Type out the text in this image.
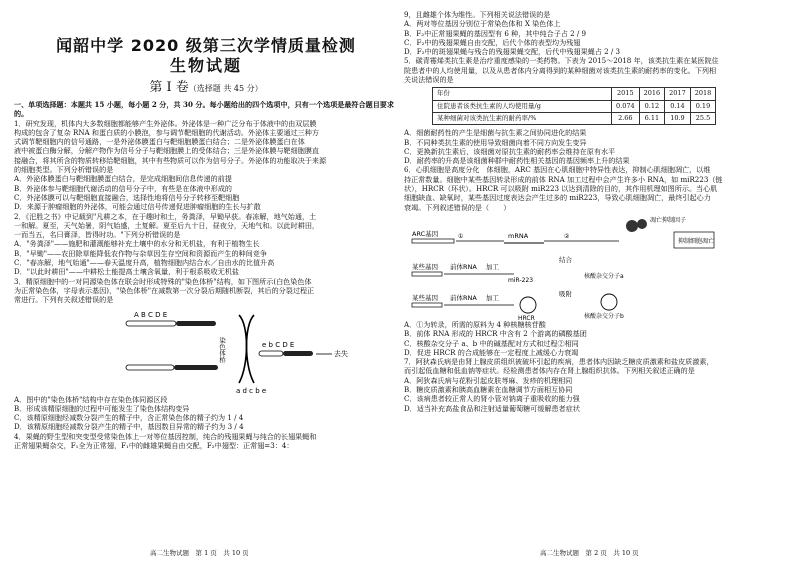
闻韶中学 2020 级第三次学情质量检测
生物试题
第 Ⅰ 卷（选择题 共 45 分）

一、单项选择题：本题共 15 小题，每小题 2 分，共 30 分。每小题给出的四个选项中，只有一个选项是最符合题目要求的。

1．研究发现，机体内大多数细胞都能够产生外泌体。外泌体是一种广泛分布于体液中的由双层膜

构成的包含了复杂 RNA 和蛋白质的小膜泡，参与调节靶细胞的代谢活动。外泌体主要通过三种方

式调节靶细胞内的信号通路，一是外泌体膜蛋白与靶细胞膜蛋白结合；二是外泌体膜蛋白在体

液中被蛋白酶分解，分解产物作为信号分子与靶细胞膜上的受体结合；三是外泌体膜与靶细胞膜直

接融合，将其所含的物质转移给靶细胞，其中有些物质可以作为信号分子。外泌体的功能取决于来源

的细胞类型。下列分析错误的是

A．外泌体膜蛋白与靶细胞膜蛋白结合，是完成细胞间信息传递的前提

B．外泌体参与靶细胞代谢活动的信号分子中，有些是在体液中形成的

C．外泌体膜可以与靶细胞直接融合，选择性地将信号分子转移至靶细胞

D．来源于肿瘤细胞的外泌体，可能会通过信号传递促进肿瘤细胞的生长与扩散

2．《汜胜之书》中记载到"凡耕之本，在于趣时和土，务粪泽，早锄早获。春冻解，地气始通，土

一和解。夏至，天气始暑，阴气始盛，土复解。夏至后九十日，昼夜分，天地气和。以此时耕田，

一而当五，名曰膏泽，皆得时功。"下列分析错误的是

A．"务粪泽"——施肥和灌溉能够补充土壤中的水分和无机盐，有利于植物生长

B．"早锄"——农田除草能降低农作物与杂草因生存空间和资源而产生的种间竞争

C．"春冻解，地气始通"——春天温度升高，植物细胞内结合水／自由水的比值升高

D．"以此时耕田"——中耕松土能提高土壤含氧量，利于根系吸收无机盐

3．精原细胞中的一对同源染色体在联会时形成特殊的"染色体桥"结构，如下图所示(白色染色体

为正常染色体，字母表示基因)，"染色体桥"在减数第一次分裂后期随机断裂，其后的分裂过程正

常进行。下列有关叙述错误的是

A B C D E
染色体桥	e b C D E
a d c b e
去失

A．图中的"染色体桥"结构中存在染色体同源区段

B．形成该精原细胞的过程中可能发生了染色体结构变异

C．该精原细胞经减数分裂产生的精子中，含正常染色体的精子约为 1 / 4

D．该精原细胞经减数分裂产生的精子中，基因数目异常的精子约为 3 / 4

4．果蝇的野生型和突变型受常染色体上一对等位基因控制，纯合的残翅果蝇与纯合的长翅果蝇和

正常翅果蝇杂交，F₁全为正常翅，F₁中的雌雄果蝇自由交配，F₂中翅型：正常翅=3：4：

高二生物试题　第 1 页　共 10 页

9，且雌雄个体为维性。下列相关说法错误的是

A．两对等位基因分别位于常染色体和 X 染色体上

B．F₂中正常翅果蝇的基因型有 6 种，其中纯合子占 2 / 9

C．F₂中的残翅果蝇自由交配，后代个体的表型均为残翅

D．F₂中的斑翅果蝇与残合的残翅果蝇交配，后代中残翅果蝇占 2 / 3

5．碳青霉烯类抗生素是治疗重度感染的一类药物。下表为 2015～2018 年，该类抗生素在某医院住

院患者中的人均使用量，以及从患者体内分离得到的某种细菌对该类抗生素的耐药率的变化。下列相

关说法错误的是

年份	2015	2016	2017	2018
住院患者该类抗生素的人均使用量/g	0.074	0.12	0.14	0.19
某种细菌对该类抗生素的耐药率/%	2.66	6.11	10.9	25.5

A．细菌耐药性的产生是细菌与抗生素之间协同进化的结果

B．不同种类抗生素的使用导致细菌向着不同方向发生变异

C．更换新抗生素后，该细菌对原抗生素的耐药率会维持在原有水平

D．耐药率的升高是该细菌种群中耐药性相关基因的基因频率上升的结果

6．心肌细胞是高度分化　体细胞，ARC 基因在心肌细胞中特异性表达，抑制心肌细胞凋亡，以维

持正常数量。细胞中某些基因转录形成的前体 RNA 加工过程中会产生许多小 RNA，如 miR223（链

状），HRCR（环状）。HRCR 可以吸附 miR223 以达到清除的目的，其作用机理如图所示。当心肌

细胞缺血、缺氧时，某些基因过度表达会产生过多的 miR223，导致心肌细胞凋亡，最终引起心力

衰竭。下列叙述错误的是（　　）

ARC基因	①	mRNA	②
凋亡抑制因子
抑制细胞凋亡
某些基因 前体RNA 加工
miR-223
结合
核酸杂交分子a
某些基因 前体RNA 加工
HRCR
吸附
核酸杂交分子b

A．①为转录，所需的原料为 4 种核糖核苷酸

B．前体 RNA 形成的 HRCR 中含有 2 个游离的磷酸基团

C．核酸杂交分子 a、b 中的碱基配对方式和过程②相同

D．促进 HRCR 的合成能够在一定程度上减缓心力衰竭

7．阿狄森氏病是由肾上腺皮质组织被破坏引起的疾病，患者体内因缺乏糖皮质激素和盐皮质激素，

而引起低血糖和低血钠等症状。经检测患者体内存在肾上腺组织抗体。下列相关叙述正确的是

A．阿狄森氏病与花粉引起皮肤荨麻、发疹的机理相同

B．糖皮质激素和胰高血糖素在血糖调节方面相互协同

C．该病患者较正常人的肾小管对钠离子重吸收的能力强

D．适当补充高盐食品和注射适量葡萄糖可缓解患者症状

高二生物试题　第 2 页　共 10 页
